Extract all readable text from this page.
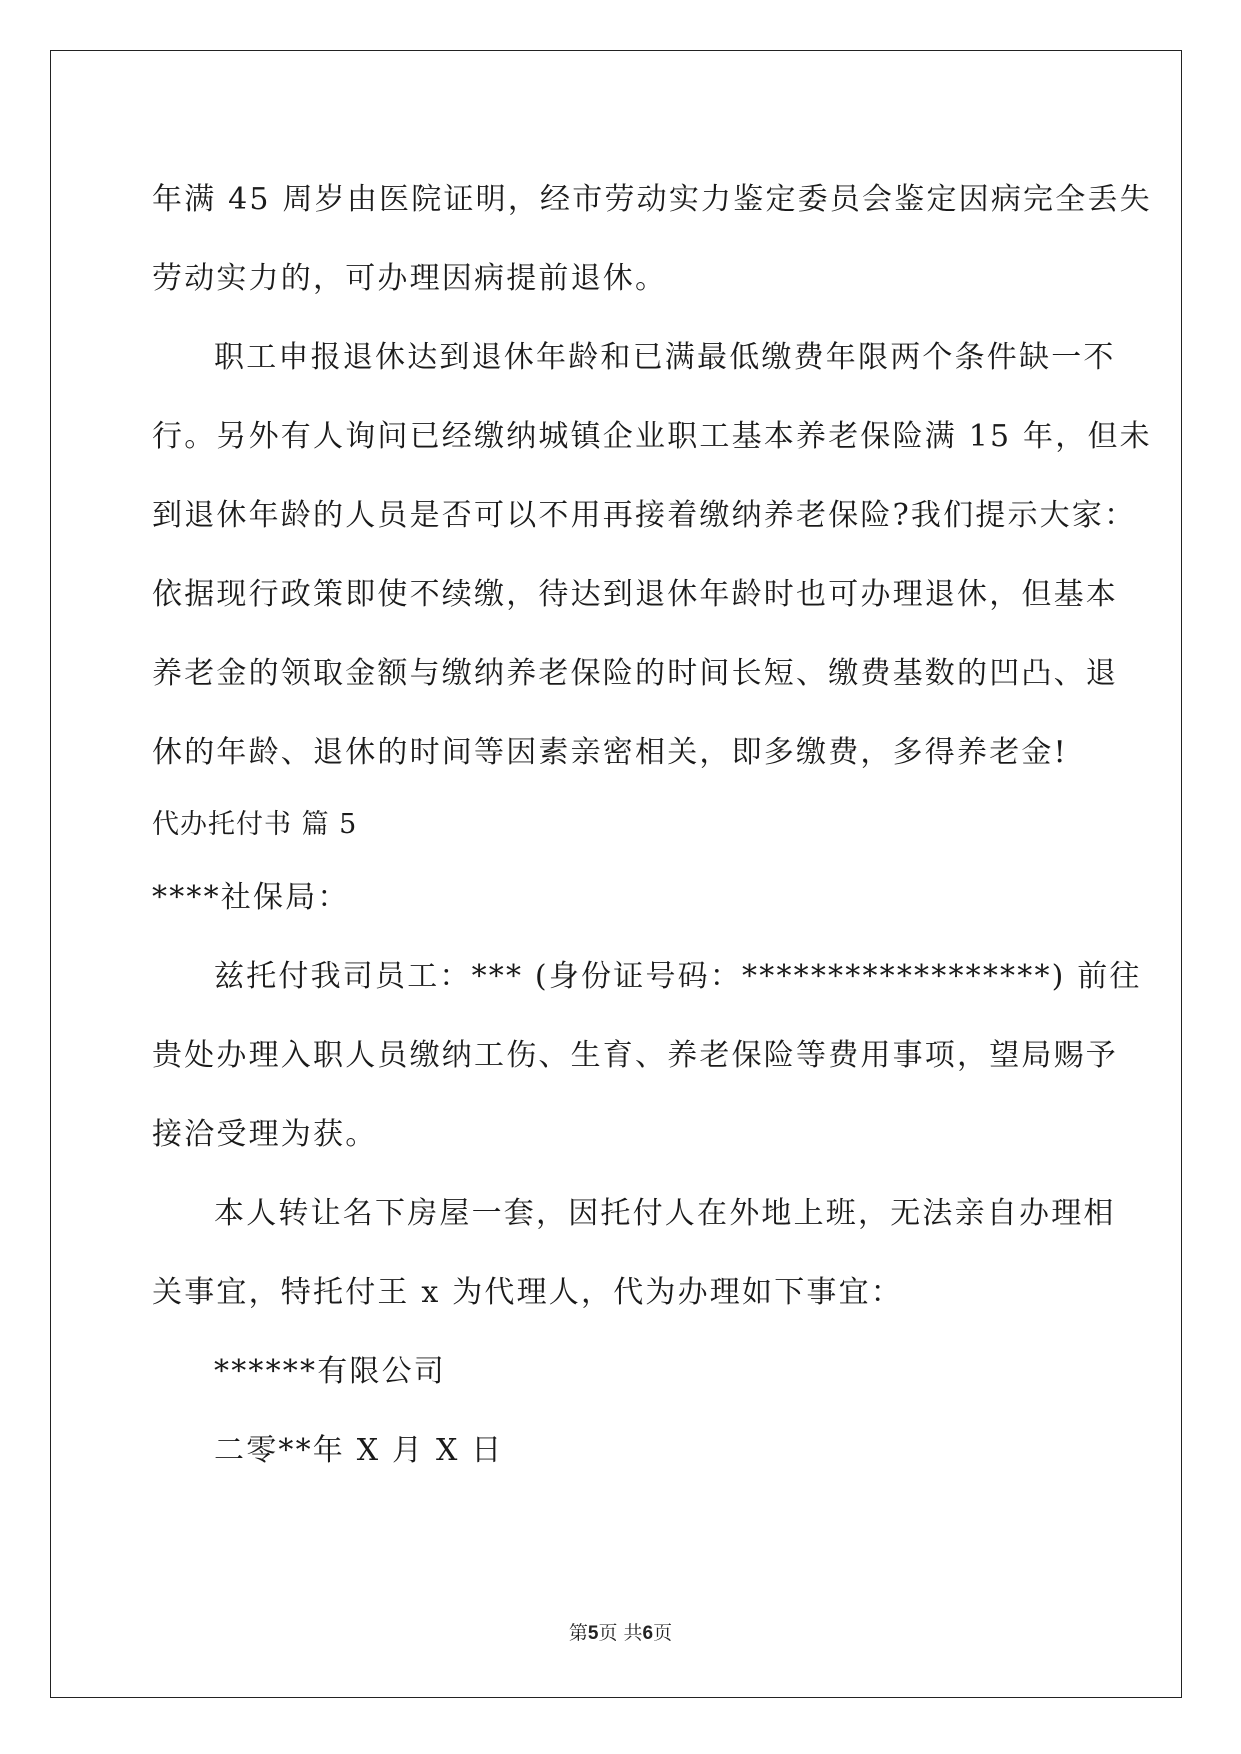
年满 45 周岁由医院证明，经市劳动实力鉴定委员会鉴定因病完全丢失
劳动实力的，可办理因病提前退休。
职工申报退休达到退休年龄和已满最低缴费年限两个条件缺一不
行。另外有人询问已经缴纳城镇企业职工基本养老保险满 15 年，但未
到退休年龄的人员是否可以不用再接着缴纳养老保险?我们提示大家：
依据现行政策即使不续缴，待达到退休年龄时也可办理退休，但基本
养老金的领取金额与缴纳养老保险的时间长短、缴费基数的凹凸、退
休的年龄、退休的时间等因素亲密相关，即多缴费，多得养老金!
代办托付书 篇 5
****社保局：
兹托付我司员工：*** (身份证号码：******************) 前往
贵处办理入职人员缴纳工伤、生育、养老保险等费用事项，望局赐予
接洽受理为获。
本人转让名下房屋一套，因托付人在外地上班，无法亲自办理相
关事宜，特托付王 x 为代理人，代为办理如下事宜：
******有限公司
二零**年 X 月 X 日
第5页 共6页
